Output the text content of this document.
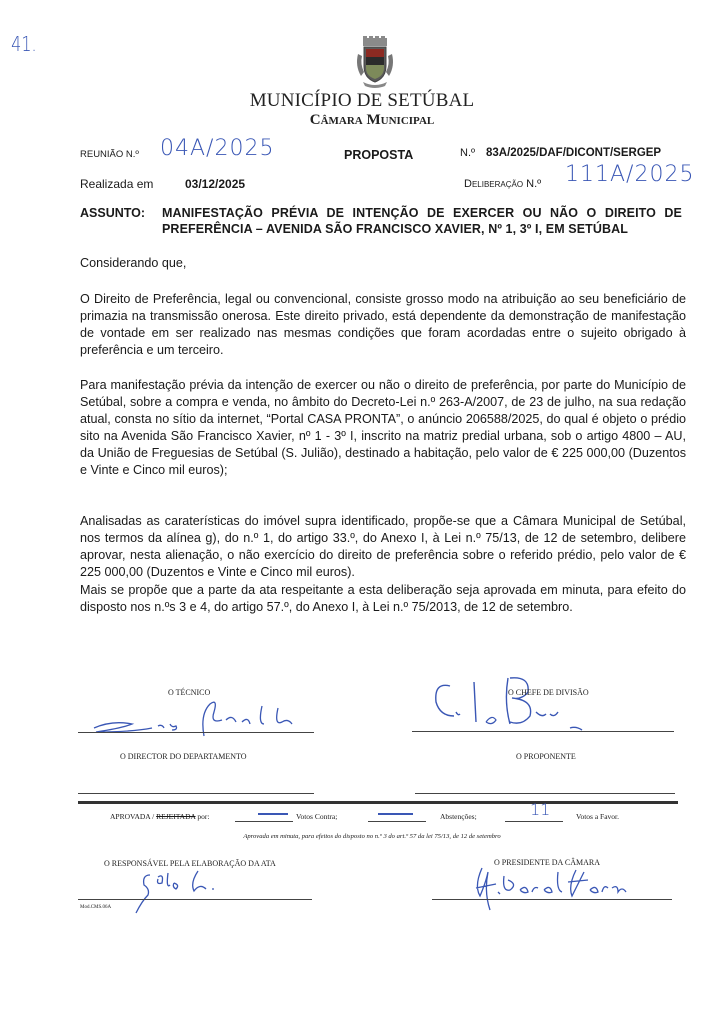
41.
MUNICÍPIO DE SETÚBAL
Câmara Municipal
REUNIÃO N.º 04A/2025	PROPOSTA	N.º 83A/2025/DAF/DICONT/SERGEP
Realizada em	03/12/2025	Deliberação N.º 111A/2025
ASSUNTO: MANIFESTAÇÃO PRÉVIA DE INTENÇÃO DE EXERCER OU NÃO O DIREITO DE PREFERÊNCIA – AVENIDA SÃO FRANCISCO XAVIER, Nº 1, 3º I, EM SETÚBAL
Considerando que,
O Direito de Preferência, legal ou convencional, consiste grosso modo na atribuição ao seu beneficiário de primazia na transmissão onerosa. Este direito privado, está dependente da demonstração de manifestação de vontade em ser realizado nas mesmas condições que foram acordadas entre o sujeito obrigado à preferência e um terceiro.
Para manifestação prévia da intenção de exercer ou não o direito de preferência, por parte do Município de Setúbal, sobre a compra e venda, no âmbito do Decreto-Lei n.º 263-A/2007, de 23 de julho, na sua redação atual, consta no sítio da internet, “Portal CASA PRONTA”, o anúncio 206588/2025, do qual é objeto o prédio sito na Avenida São Francisco Xavier, nº 1 - 3º I, inscrito na matriz predial urbana, sob o artigo 4800 – AU, da União de Freguesias de Setúbal (S. Julião), destinado a habitação, pelo valor de € 225 000,00 (Duzentos e Vinte e Cinco mil euros);
Analisadas as caraterísticas do imóvel supra identificado, propõe-se que a Câmara Municipal de Setúbal, nos termos da alínea g), do n.º 1, do artigo 33.º, do Anexo I, à Lei n.º 75/13, de 12 de setembro, delibere aprovar, nesta alienação, o não exercício do direito de preferência sobre o referido prédio, pelo valor de € 225 000,00 (Duzentos e Vinte e Cinco mil euros).
Mais se propõe que a parte da ata respeitante a esta deliberação seja aprovada em minuta, para efeito do disposto nos n.ºs 3 e 4, do artigo 57.º, do Anexo I, à Lei n.º 75/2013, de 12 de setembro.
O TÉCNICO	O CHEFE DE DIVISÃO
O DIRECTOR DO DEPARTAMENTO	O PROPONENTE
APROVADA / REJEITADA por:	Votos Contra;	Abstenções;	11	Votos a Favor.
Aprovada em minuta, para efeitos do disposto no n.º 3 do art.º 57 da lei 75/13, de 12 de setembro
O RESPONSÁVEL PELA ELABORAÇÃO DA ATA
Mod.CMS.06A
O PRESIDENTE DA CÂMARA
